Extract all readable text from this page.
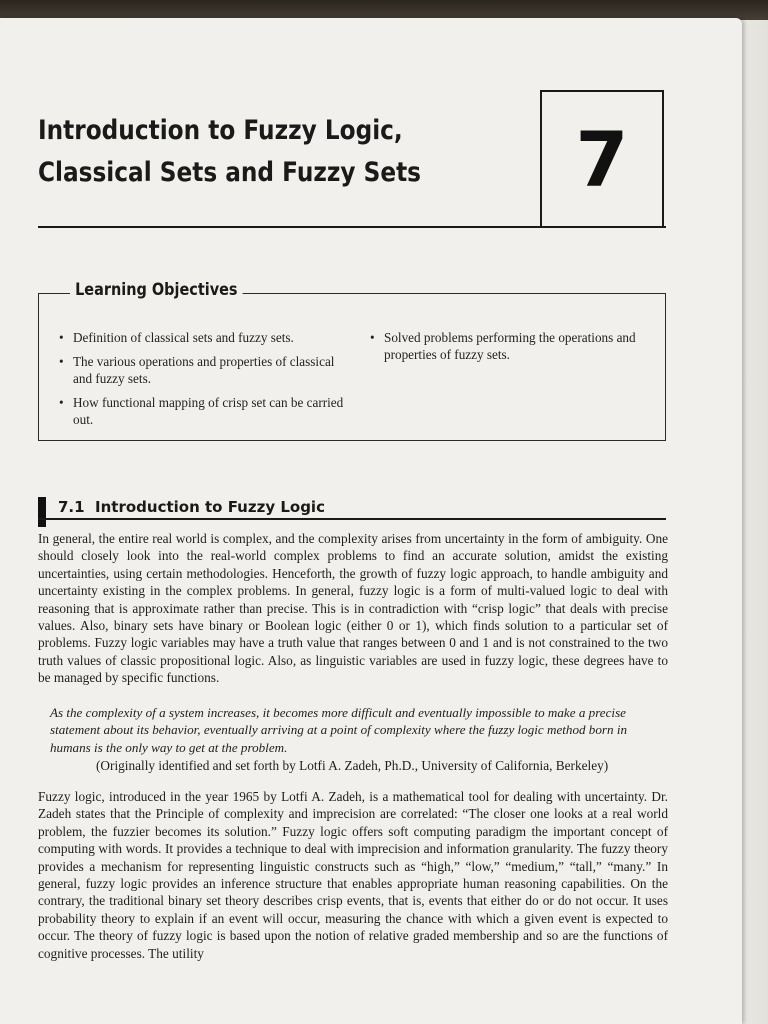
Introduction to Fuzzy Logic,
Classical Sets and Fuzzy Sets 7
Learning Objectives
• Definition of classical sets and fuzzy sets.
• The various operations and properties of classical and fuzzy sets.
• How functional mapping of crisp set can be carried out.
• Solved problems performing the operations and properties of fuzzy sets.
7.1 Introduction to Fuzzy Logic

In general, the entire real world is complex, and the complexity arises from uncertainty in the form of ambiguity. One should closely look into the real-world complex problems to find an accurate solution, amidst the existing uncertainties, using certain methodologies. Henceforth, the growth of fuzzy logic approach, to handle ambiguity and uncertainty existing in the complex problems. In general, fuzzy logic is a form of multi-valued logic to deal with reasoning that is approximate rather than precise. This is in contradiction with “crisp logic” that deals with precise values. Also, binary sets have binary or Boolean logic (either 0 or 1), which finds solution to a particular set of problems. Fuzzy logic variables may have a truth value that ranges between 0 and 1 and is not constrained to the two truth values of classic propositional logic. Also, as linguistic variables are used in fuzzy logic, these degrees have to be managed by specific functions.

As the complexity of a system increases, it becomes more difficult and eventually impossible to make a precise statement about its behavior, eventually arriving at a point of complexity where the fuzzy logic method born in humans is the only way to get at the problem.

(Originally identified and set forth by Lotfi A. Zadeh, Ph.D., University of California, Berkeley)

Fuzzy logic, introduced in the year 1965 by Lotfi A. Zadeh, is a mathematical tool for dealing with uncertainty. Dr. Zadeh states that the Principle of complexity and imprecision are correlated: “The closer one looks at a real world problem, the fuzzier becomes its solution.” Fuzzy logic offers soft computing paradigm the important concept of computing with words. It provides a technique to deal with imprecision and information granularity. The fuzzy theory provides a mechanism for representing linguistic constructs such as “high,” “low,” “medium,” “tall,” “many.” In general, fuzzy logic provides an inference structure that enables appropriate human reasoning capabilities. On the contrary, the traditional binary set theory describes crisp events, that is, events that either do or do not occur. It uses probability theory to explain if an event will occur, measuring the chance with which a given event is expected to occur. The theory of fuzzy logic is based upon the notion of relative graded membership and so are the functions of cognitive processes. The utility
